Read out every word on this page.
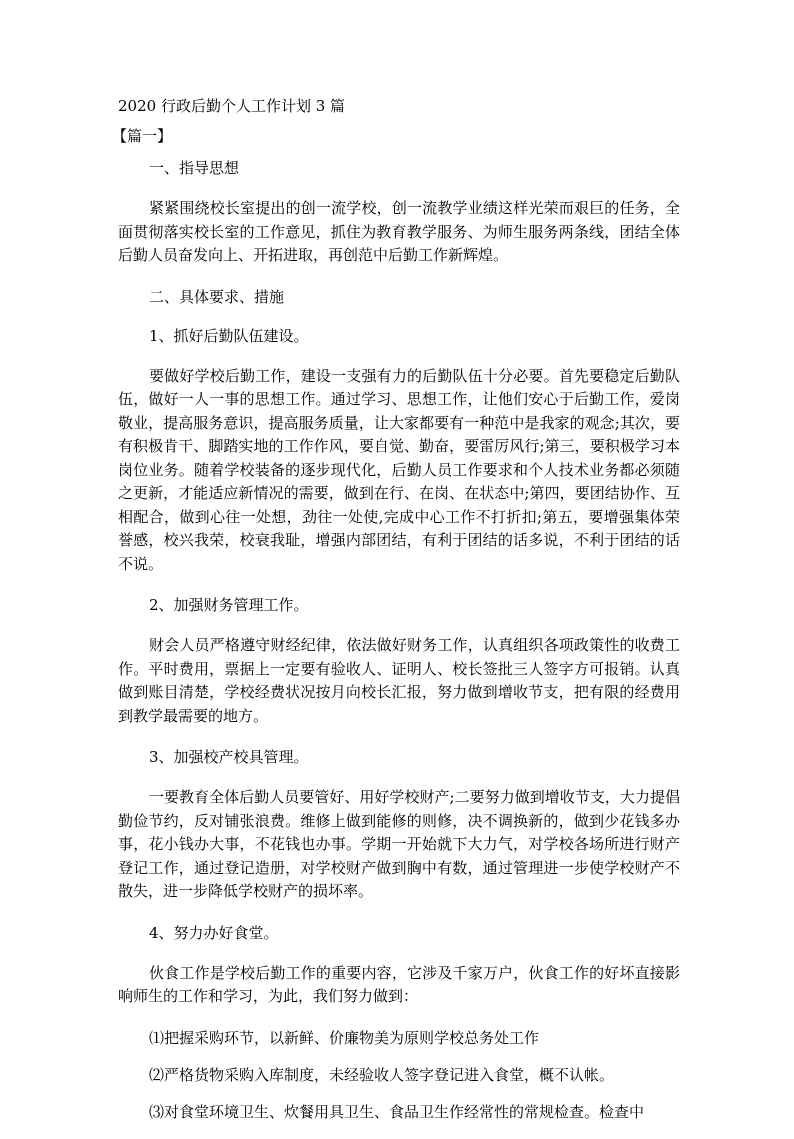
2020 行政后勤个人工作计划 3 篇
【篇一】
一、指导思想
紧紧围绕校长室提出的创一流学校，创一流教学业绩这样光荣而艰巨的任务，全面贯彻落实校长室的工作意见，抓住为教育教学服务、为师生服务两条线，团结全体后勤人员奋发向上、开拓进取，再创范中后勤工作新辉煌。
二、具体要求、措施
1、抓好后勤队伍建设。
要做好学校后勤工作，建设一支强有力的后勤队伍十分必要。首先要稳定后勤队伍，做好一人一事的思想工作。通过学习、思想工作，让他们安心于后勤工作，爱岗敬业，提高服务意识，提高服务质量，让大家都要有一种范中是我家的观念;其次，要有积极肯干、脚踏实地的工作作风，要自觉、勤奋，要雷厉风行;第三，要积极学习本岗位业务。随着学校装备的逐步现代化，后勤人员工作要求和个人技术业务都必须随之更新，才能适应新情况的需要，做到在行、在岗、在状态中;第四，要团结协作、互相配合，做到心往一处想，劲往一处使,完成中心工作不打折扣;第五，要增强集体荣誉感，校兴我荣，校衰我耻，增强内部团结，有利于团结的话多说，不利于团结的话不说。
2、加强财务管理工作。
财会人员严格遵守财经纪律，依法做好财务工作，认真组织各项政策性的收费工作。平时费用，票据上一定要有验收人、证明人、校长签批三人签字方可报销。认真做到账目清楚，学校经费状况按月向校长汇报，努力做到增收节支，把有限的经费用到教学最需要的地方。
3、加强校产校具管理。
一要教育全体后勤人员要管好、用好学校财产;二要努力做到增收节支，大力提倡勤俭节约，反对铺张浪费。维修上做到能修的则修，决不调换新的，做到少花钱多办事，花小钱办大事，不花钱也办事。学期一开始就下大力气，对学校各场所进行财产登记工作，通过登记造册，对学校财产做到胸中有数，通过管理进一步使学校财产不散失，进一步降低学校财产的损坏率。
4、努力办好食堂。
伙食工作是学校后勤工作的重要内容，它涉及千家万户，伙食工作的好坏直接影响师生的工作和学习，为此，我们努力做到：
⑴把握采购环节，以新鲜、价廉物美为原则学校总务处工作
⑵严格货物采购入库制度，未经验收人签字登记进入食堂，概不认帐。
⑶对食堂环境卫生、炊餐用具卫生、食品卫生作经常性的常规检查。检查中
